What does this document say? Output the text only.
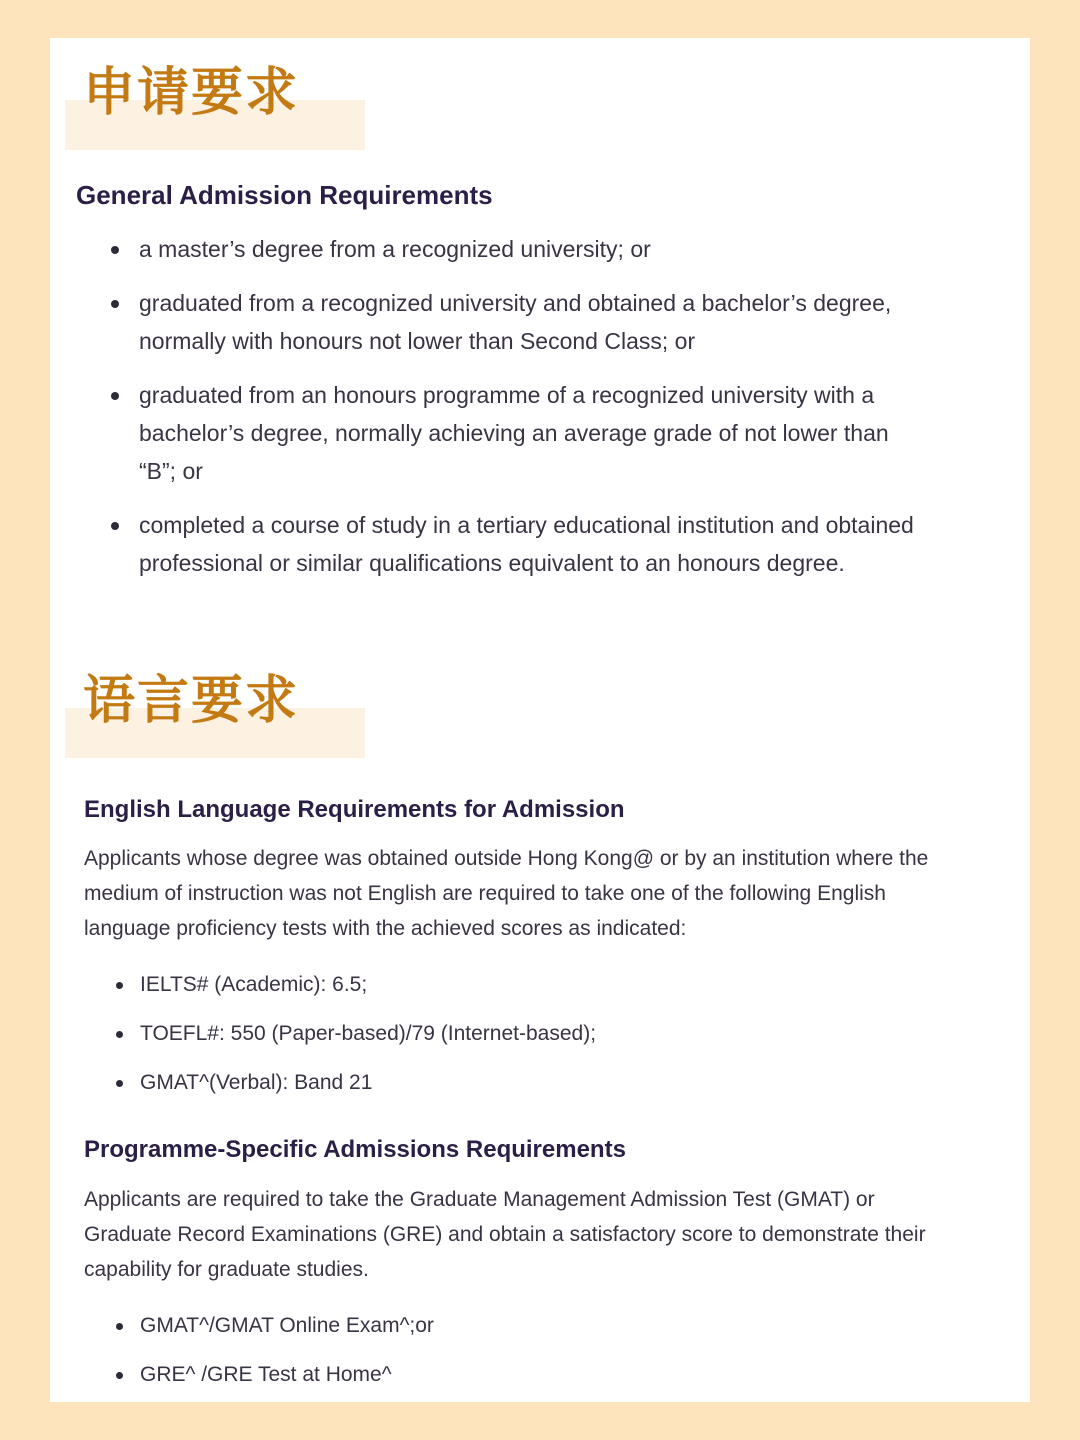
申请要求
General Admission Requirements
a master’s degree from a recognized university; or
graduated from a recognized university and obtained a bachelor’s degree, normally with honours not lower than Second Class; or
graduated from an honours programme of a recognized university with a bachelor’s degree, normally achieving an average grade of not lower than “B”; or
completed a course of study in a tertiary educational institution and obtained professional or similar qualifications equivalent to an honours degree.
语言要求
English Language Requirements for Admission

Applicants whose degree was obtained outside Hong Kong@ or by an institution where the medium of instruction was not English are required to take one of the following English language proficiency tests with the achieved scores as indicated:

IELTS# (Academic): 6.5;
TOEFL#: 550 (Paper-based)/79 (Internet-based);
GMAT^(Verbal): Band 21
Programme-Specific Admissions Requirements

Applicants are required to take the Graduate Management Admission Test (GMAT) or Graduate Record Examinations (GRE) and obtain a satisfactory score to demonstrate their capability for graduate studies.

GMAT^/GMAT Online Exam^;or
GRE^ /GRE Test at Home^
